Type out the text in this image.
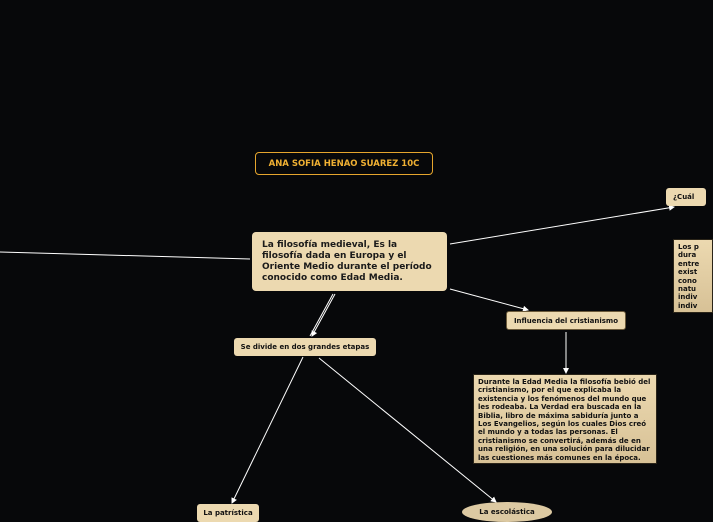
ANA SOFIA HENAO SUAREZ 10C
La filosofía medieval, Es la filosofía dada en Europa y el Oriente Medio durante el período conocido como Edad Media.
Se divide en dos grandes etapas
Influencia del cristianismo
¿Cuál
La patrística	La escolástica
Durante la Edad Media la filosofía bebió del cristianismo, por el que explicaba la existencia y los fenómenos del mundo que les rodeaba. La Verdad era buscada en la Biblia, libro de máxima sabiduría junto a Los Evangelios, según los cuales Dios creó el mundo y a todas las personas. El cristianismo se convertirá, además de en una religión, en una solución para dilucidar las cuestiones más comunes en la época.
Los p
dura
entre
exist
cono
natu
indiv
indiv
